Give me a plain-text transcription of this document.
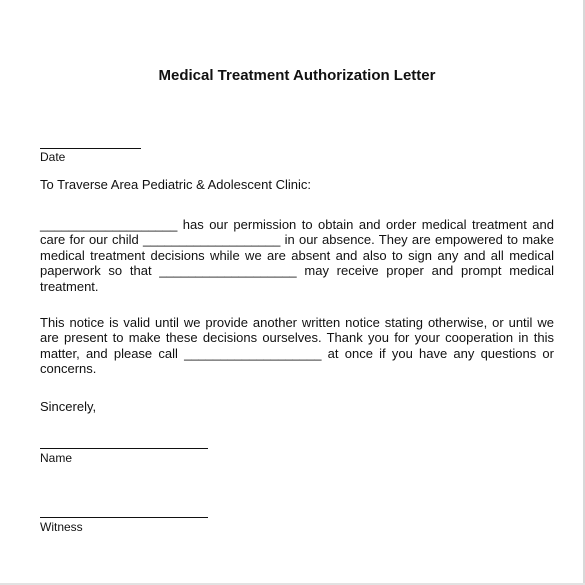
Medical Treatment Authorization Letter
Date

To Traverse Area Pediatric & Adolescent Clinic:

___________________ has our permission to obtain and order medical treatment and care for our child ___________________ in our absence. They are empowered to make medical treatment decisions while we are absent and also to sign any and all medical paperwork so that ___________________ may receive proper and prompt medical treatment.

This notice is valid until we provide another written notice stating otherwise, or until we are present to make these decisions ourselves. Thank you for your cooperation in this matter, and please call ___________________ at once if you have any questions or concerns.

Sincerely,

Name
Witness
